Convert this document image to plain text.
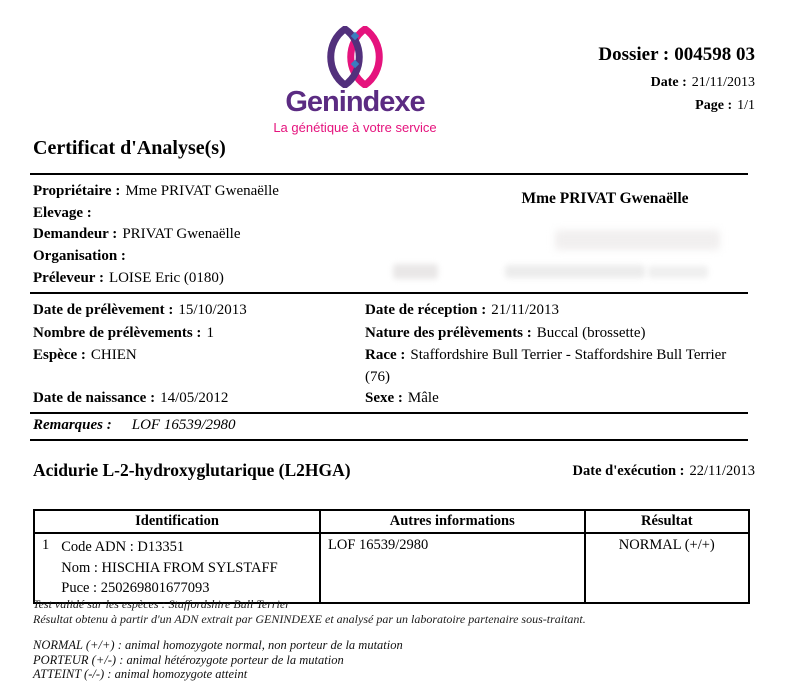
Genindexe
La génétique à votre service
Dossier : 004598 03
Date : 21/11/2013
Page : 1/1
Certificat d'Analyse(s)
Propriétaire : Mme PRIVAT Gwenaëlle
Elevage :
Demandeur : PRIVAT Gwenaëlle
Organisation :
Préleveur : LOISE Eric (0180)
Mme PRIVAT Gwenaëlle
Date de prélèvement : 15/10/2013
Nombre de prélèvements : 1
Espèce : CHIEN
Date de naissance : 14/05/2012
Date de réception : 21/11/2013
Nature des prélèvements : Buccal (brossette)
Race : Staffordshire Bull Terrier - Staffordshire Bull Terrier (76)
Sexe : Mâle
Remarques : LOF 16539/2980
Acidurie L-2-hydroxyglutarique (L2HGA)	Date d'exécution : 22/11/2013
Identification	Autres informations	Résultat

1 Code ADN : D13351
Nom : HISCHIA FROM SYLSTAFF
Puce : 250269801677093	LOF 16539/2980	NORMAL (+/+)
Test validé sur les espèces : Staffordshire Bull Terrier
Résultat obtenu à partir d'un ADN extrait par GENINDEXE et analysé par un laboratoire partenaire sous-traitant.
NORMAL (+/+) : animal homozygote normal, non porteur de la mutation
PORTEUR (+/-) : animal hétérozygote porteur de la mutation
ATTEINT (-/-) : animal homozygote atteint
